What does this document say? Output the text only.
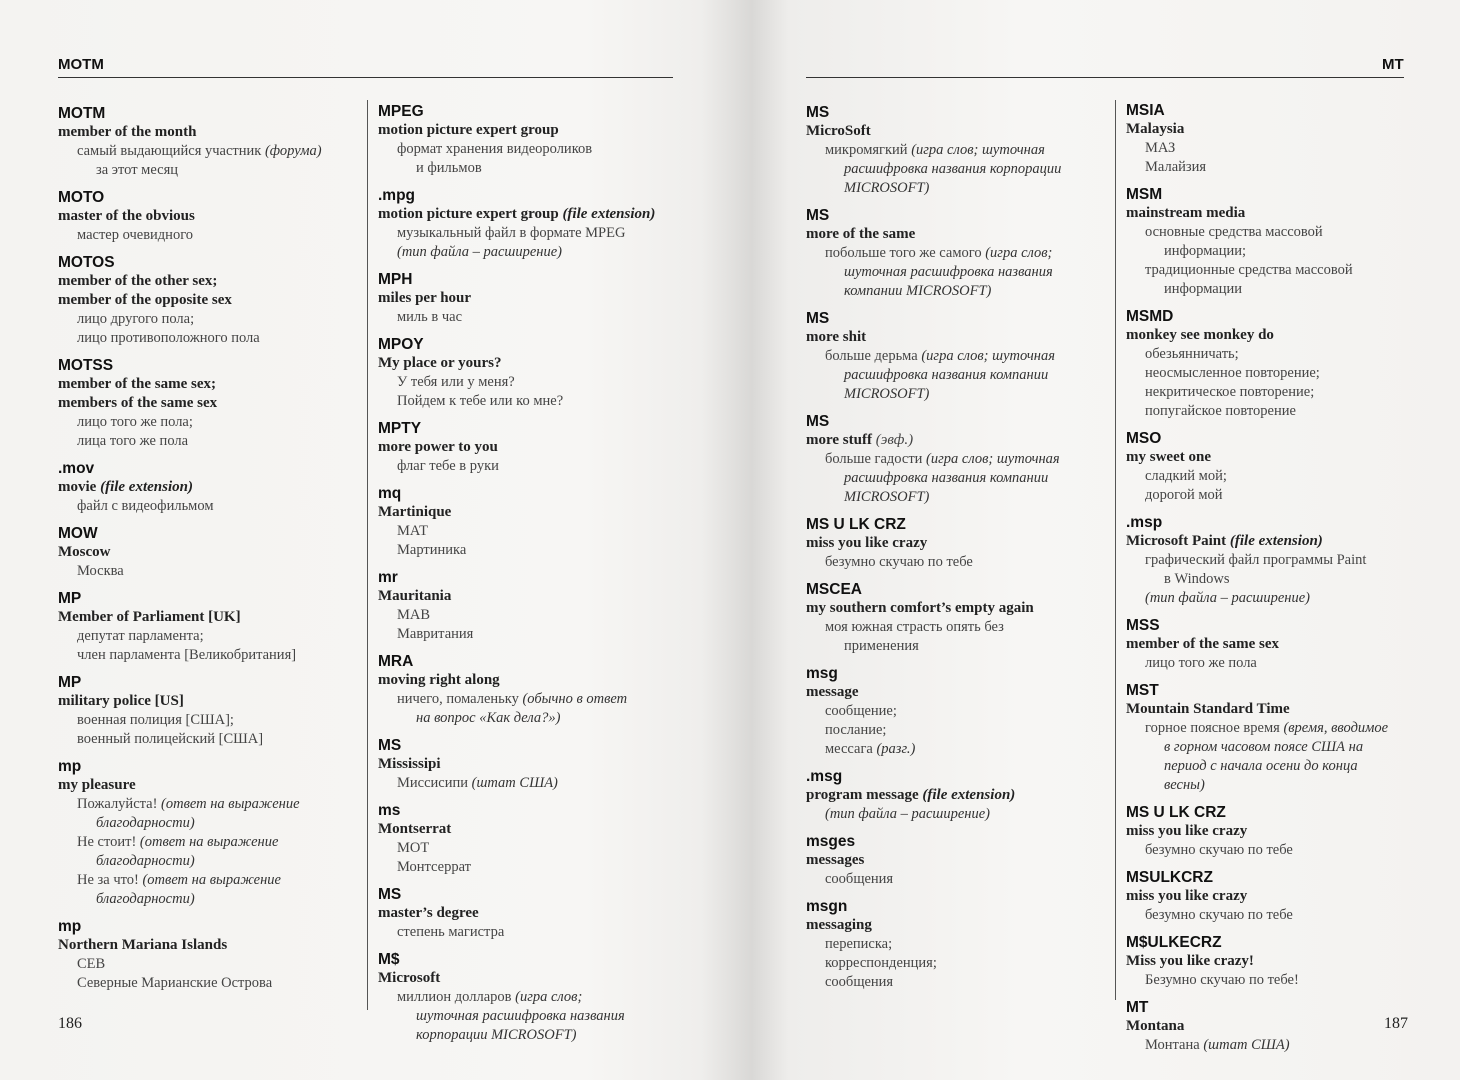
MOTM	MT
MOTM
member of the month
самый выдающийся участник (форума)
за этот месяц
MOTO
master of the obvious
мастер очевидного
MOTOS
member of the other sex;
member of the opposite sex
лицо другого пола;
лицо противоположного пола
MOTSS
member of the same sex;
members of the same sex
лицо того же пола;
лица того же пола
.mov
movie (file extension)
файл с видеофильмом
MOW
Moscow
Москва
MP
Member of Parliament [UK]
депутат парламента;
член парламента [Великобритания]
MP
military police [US]
военная полиция [США];
военный полицейский [США]
mp
my pleasure
Пожалуйста! (ответ на выражение
благодарности)
Не стоит! (ответ на выражение
благодарности)
Не за что! (ответ на выражение
благодарности)
mp
Northern Mariana Islands
СЕВ
Северные Марианские Острова
MPEG
motion picture expert group
формат хранения видеороликов
и фильмов
.mpg
motion picture expert group (file extension)
музыкальный файл в формате MPEG
(тип файла – расширение)
MPH
miles per hour
миль в час
MPOY
My place or yours?
У тебя или у меня?
Пойдем к тебе или ко мне?
MPTY
more power to you
флаг тебе в руки
mq
Martinique
МАТ
Мартиника
mr
Mauritania
МАВ
Мавритания
MRA
moving right along
ничего, помаленьку (обычно в ответ
на вопрос «Как дела?»)
MS
Mississipi
Миссисипи (штат США)
ms
Montserrat
МОТ
Монтсеррат
MS
master’s degree
степень магистра
M$
Microsoft
миллион долларов (игра слов;
шуточная расшифровка названия
корпорации MICROSOFT)
MS
MicroSoft
микромягкий (игра слов; шуточная
расшифровка названия корпорации
MICROSOFT)
MS
more of the same
побольше того же самого (игра слов;
шуточная расшифровка названия
компании MICROSOFT)
MS
more shit
больше дерьма (игра слов; шуточная
расшифровка названия компании
MICROSOFT)
MS
more stuff (эвф.)
больше гадости (игра слов; шуточная
расшифровка названия компании
MICROSOFT)
MS U LK CRZ
miss you like crazy
безумно скучаю по тебе
MSCEA
my southern comfort’s empty again
моя южная страсть опять без
применения
msg
message
сообщение;
послание;
мессага (разг.)
.msg
program message (file extension)
(тип файла – расширение)
msges
messages
сообщения
msgn
messaging
переписка;
корреспонденция;
сообщения
MSIA
Malaysia
МАЗ
Малайзия
MSM
mainstream media
основные средства массовой
информации;
традиционные средства массовой
информации
MSMD
monkey see monkey do
обезьянничать;
неосмысленное повторение;
некритическое повторение;
попугайское повторение
MSO
my sweet one
сладкий мой;
дорогой мой
.msp
Microsoft Paint (file extension)
графический файл программы Paint
в Windows
(тип файла – расширение)
MSS
member of the same sex
лицо того же пола
MST
Mountain Standard Time
горное поясное время (время, вводимое
в горном часовом поясе США на
период с начала осени до конца
весны)
MS U LK CRZ
miss you like crazy
безумно скучаю по тебе
MSULKCRZ
miss you like crazy
безумно скучаю по тебе
M$ULKECRZ
Miss you like crazy!
Безумно скучаю по тебе!
MT
Montana
Монтана (штат США)
186	187
